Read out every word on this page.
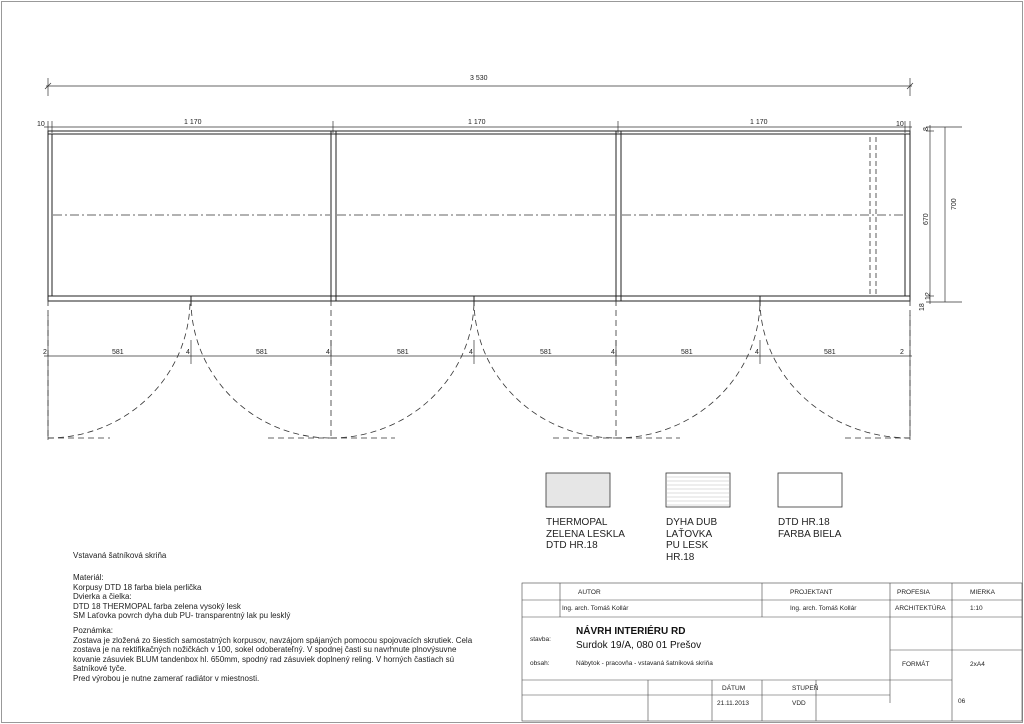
3 530
10	1 170	1 170	1 170	10
700
670
8
18
12
2	581	4	581	4	581	4	581	4	581	4	581	2
THERMOPAL
ZELENA LESKLA
DTD HR.18
DYHA DUB
LAŤOVKA
PU LESK
HR.18
DTD HR.18
FARBA BIELA
Vstavaná šatníková skriňa
Materiál:
Korpusy DTD 18 farba biela perlička
Dvierka a čielka:
DTD 18 THERMOPAL farba zelena vysoký lesk
SM Laťovka povrch dyha dub PU- transparentný lak pu lesklý
Poznámka:
Zostava je zložená zo šiestich samostatných korpusov, navzájom spájaných pomocou spojovacích skrutiek. Cela
zostava je na rektifikačných nožičkách v 100, sokel odoberateľný. V spodnej časti su navrhnute plnovýsuvne
kovanie zásuviek BLUM tandenbox hl. 650mm, spodný rad zásuviek doplnený reling. V horných častiach sú
šatníkové tyče.
Pred výrobou je nutne zamerať radiátor v miestnosti.
AUTOR
Ing. arch. Tomáš Kollár
PROJEKTANT
Ing. arch. Tomáš Kollár
PROFESIA
ARCHITEKTÚRA
MIERKA
1:10
stavba:
NÁVRH INTERIÉRU RD
Surdok 19/A, 080 01 Prešov
obsah:	Nábytok - pracovňa - vstavaná šatníková skriňa	FORMÁT	2xA4
DÁTUM
21.11.2013
STUPEŇ
VDD	06
